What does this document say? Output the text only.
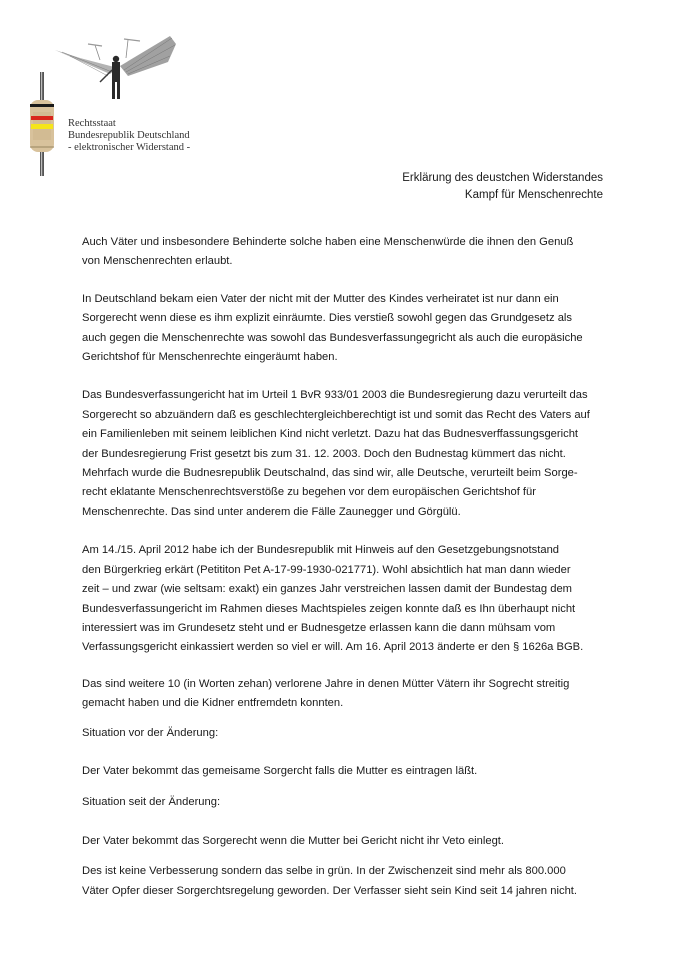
Rechtsstaat
Bundesrepublik Deutschland
- elektronischer Widerstand -
Erklärung des deustchen Widerstandes
Kampf für Menschenrechte

Auch Väter und insbesondere Behinderte solche haben eine Menschenwürde die ihnen den Genuß
von Menschenrechten erlaubt.

In Deutschland bekam eien Vater der nicht mit der Mutter des Kindes verheiratet ist nur dann ein
Sorgerecht wenn diese es ihm explizit einräumte. Dies verstieß sowohl gegen das Grundgesetz als
auch gegen die Menschenrechte was sowohl das Bundesverfassungegricht als auch die europäsiche
Gerichtshof für Menschenrechte eingeräumt haben.

Das Bundesverfassungericht hat im Urteil 1 BvR 933/01 2003 die Bundesregierung dazu verurteilt das
Sorgerecht so abzuändern daß es geschlechtergleichberechtigt ist und somit das Recht des Vaters auf
ein Familienleben mit seinem leiblichen Kind nicht verletzt. Dazu hat das Budnesverffassungsgericht
der Bundesregierung Frist gesetzt bis zum 31. 12. 2003. Doch den Budnestag kümmert das nicht.
Mehrfach wurde die Budnesrepublik Deutschalnd, das sind wir, alle Deutsche, verurteilt beim Sorge-
recht eklatante Menschenrechtsverstöße zu begehen vor dem europäischen Gerichtshof für
Menschenrechte. Das sind unter anderem die Fälle Zaunegger und Görgülü.

Am 14./15. April 2012 habe ich der Bundesrepublik mit Hinweis auf den Gesetzgebungsnotstand
den Bürgerkrieg erkärt (Petititon Pet A-17-99-1930-021771). Wohl absichtlich hat man dann wieder
zeit – und zwar (wie seltsam: exakt) ein ganzes Jahr verstreichen lassen damit der Bundestag dem
Bundesverfassungericht im Rahmen dieses Machtspieles zeigen konnte daß es Ihn überhaupt nicht
interessiert was im Grundesetz steht und er Budnesgetze erlassen kann die dann mühsam vom
Verfassungsgericht einkassiert werden so viel er will. Am 16. April 2013 änderte er den § 1626a BGB.

Das sind weitere 10 (in Worten zehan) verlorene Jahre in denen Mütter Vätern ihr Sogrecht streitig
gemacht haben und die Kidner entfremdetn konnten.

Situation vor der Änderung:

Der Vater bekommt das gemeisame Sorgercht falls die Mutter es eintragen läßt.

Situation seit der Änderung:

Der Vater bekommt das Sorgerecht wenn die Mutter bei Gericht nicht ihr Veto einlegt.

Des ist keine Verbesserung sondern das selbe in grün. In der Zwischenzeit sind mehr als 800.000
Väter Opfer dieser Sorgerchtsregelung geworden. Der Verfasser sieht sein Kind seit 14 jahren nicht.
